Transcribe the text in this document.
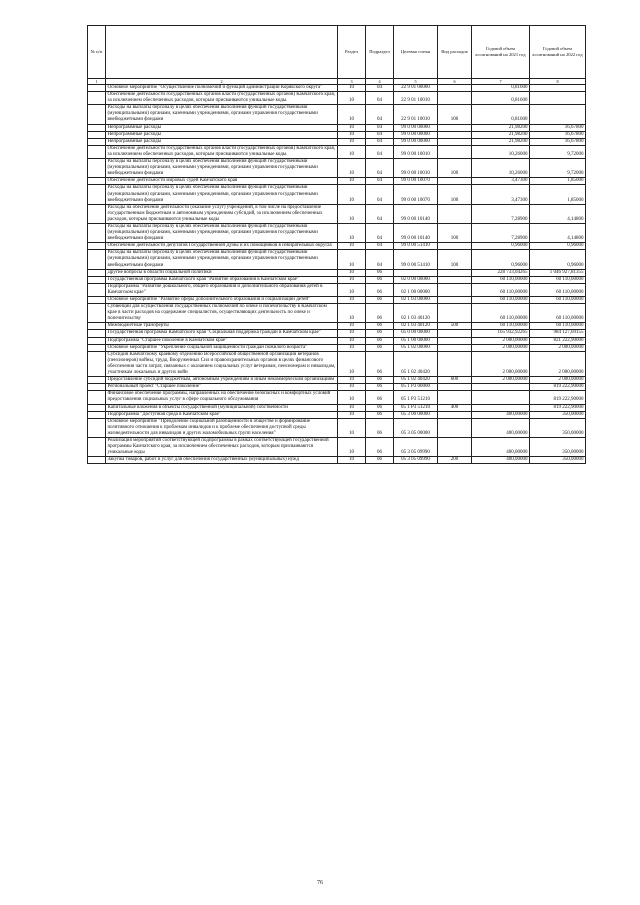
№ п/п		Раздел	Подраздел	Целевая статья	Вид расходов	Годовой объем ассигнований на 2021 год	Годовой объем ассигнований на 2022 год
1	2	3	4	5	6	7	8
	Основное мероприятие "Осуществление полномочий и функций администрации Корякского округа"	10	04	22 9 01 00000		0,81600	
	Обеспечение деятельности государственных органов власти (государственных органов) Камчатского края, за исключением обеспеченных расходов, которым присваиваются уникальные коды.	10	04	22 9 01 10010		0,81600	
	Расходы на выплаты персоналу в целях обеспечения выполнения функций государственными (муниципальными) органами, казенными учреждениями, органами управления государственными внебюджетными фондами	10	04	22 9 01 10010	100	0,81600	
	Непрограммные расходы	10	04	99 0 00 00000		21,98200	16,67800
	Непрограммные расходы	10	04	99 0 00 00000		21,98200	16,67800
	Непрограммные расходы	10	04	99 0 00 00000		21,98200	16,67800
	Обеспечение деятельности государственных органов власти (государственных органов) Камчатского края, за исключением обеспеченных расходов, которым присваиваются уникальные коды.	10	04	99 0 00 10010		10,26000	9,72000
	Расходы на выплаты персоналу в целях обеспечения выполнения функций государственными (муниципальными) органами, казенными учреждениями, органами управления государственными внебюджетными фондами	10	04	99 0 00 10010	100	10,26000	9,72000
	Обеспечение деятельности мировых судей Камчатского края	10	04	99 0 00 10070		3,47300	1,85000
	Расходы на выплаты персоналу в целях обеспечения выполнения функций государственными (муниципальными) органами, казенными учреждениями, органами управления государственными внебюджетными фондами	10	04	99 0 00 10070	100	3,47300	1,85000
	Расходы на обеспечение деятельности (оказание услуг) учреждений, в том числе на предоставление государственным бюджетным и автономным учреждениям субсидий, за исключением обеспеченных расходов, которым присваиваются уникальные коды	10	04	99 0 00 10140		7,28900	4,14800
	Расходы на выплаты персоналу в целях обеспечения выполнения функций государственными (муниципальными) органами, казенными учреждениями, органами управления государственными внебюджетными фондами	10	04	99 0 00 10140	100	7,28900	4,14800
	Обеспечение деятельности депутатов Государственной Думы и их помощников в избирательных округах	10	04	99 0 00 51410		0,96000	0,96000
	Расходы на выплаты персоналу в целях обеспечения выполнения функций государственными (муниципальными) органами, казенными учреждениями, органами управления государственными внебюджетными фондами	10	04	99 0 00 51410	100	0,96000	0,96000
	Другие вопросы в области социальной политики	10	06			228 733,04265	1 046 927,81355
	Государственная программа Камчатского края "Развитие образования в Камчатском крае"	10	06	02 0 00 00000		60 110,00000	60 110,00000
	Подпрограмма "Развитие дошкольного, общего образования и дополнительного образования детей в Камчатском крае"	10	06	02 1 00 00000		60 110,00000	60 110,00000
	Основное мероприятие "Развитие сферы дополнительного образования и социализации детей"	10	06	02 1 03 00000		60 110,00000	60 110,00000
	Субвенции для осуществления государственных полномочий по опеке и попечительству в Камчатском крае в части расходов на содержание специалистов, осуществляющих деятельность по опеке и попечительству	10	06	02 1 03 40120		60 110,00000	60 110,00000
	Межбюджетные трансферты	10	06	02 1 03 40120	500	60 110,00000	60 110,00000
	Государственная программа Камчатского края "Социальная поддержка граждан в Камчатском крае"	10	06	05 0 00 00000		165 932,92265	984 127,69155
	Подпрограмма "Старшее поколение в Камчатском крае"	10	06	05 1 00 00000		2 000,00000	821 222,90000
	Основное мероприятие "Укрепление социальной защищенности граждан пожилого возраста"	10	06	05 1 02 00000		2 000,00000	2 000,00000
	Субсидия Камчатскому краевому отделению Всероссийской общественной организации ветеранов (пенсионеров) войны, труда, Вооруженных Сил и правоохранительных органов в целях финансового обеспечения части затрат, связанных с оказанием социальных услуг ветеранам, пенсионерам и инвалидам, участникам локальных и других войн	10	06	05 1 02 40420		2 000,00000	2 000,00000
	Предоставление субсидий бюджетным, автономным учреждениям и иным некоммерческим организациям	10	06	05 1 02 40420	600	2 000,00000	2 000,00000
	Региональный проект "Старшее поколение"	10	06	05 1 P3 00000			819 222,90000
	Финансовое обеспечение программы, направленных на обеспечение безопасных и комфортных условий предоставления социальных услуг в сфере социального обслуживания	10	06	05 1 P3 51210			819 222,90000
	Капитальные вложения в объекты государственной (муниципальной) собственности	10	06	05 1 P3 51210	400		819 222,90000
	Подпрограмма "Доступная среда в Камчатском крае"	10	06	05 3 00 00000		400,00000	350,00000
	Основное мероприятие "Преодоление социальной разобщенности в обществе и формирование позитивного отношения к проблемам инвалидов и к проблеме обеспечения доступной среды жизнедеятельности для инвалидов и других маломобильных групп населения"	10	06	05 3 05 00000		400,00000	350,00000
	Реализация мероприятий соответствующей подпрограммы в рамках соответствующей государственной программы Камчатского края, за исключением обеспеченных расходов, которым присваиваются уникальные коды	10	06	05 3 05 09990		400,00000	350,00000
	Закупка товаров, работ и услуг для обеспечения государственных (муниципальных) нужд	10	06	05 3 05 09990	200	400,00000	350,00000
76
